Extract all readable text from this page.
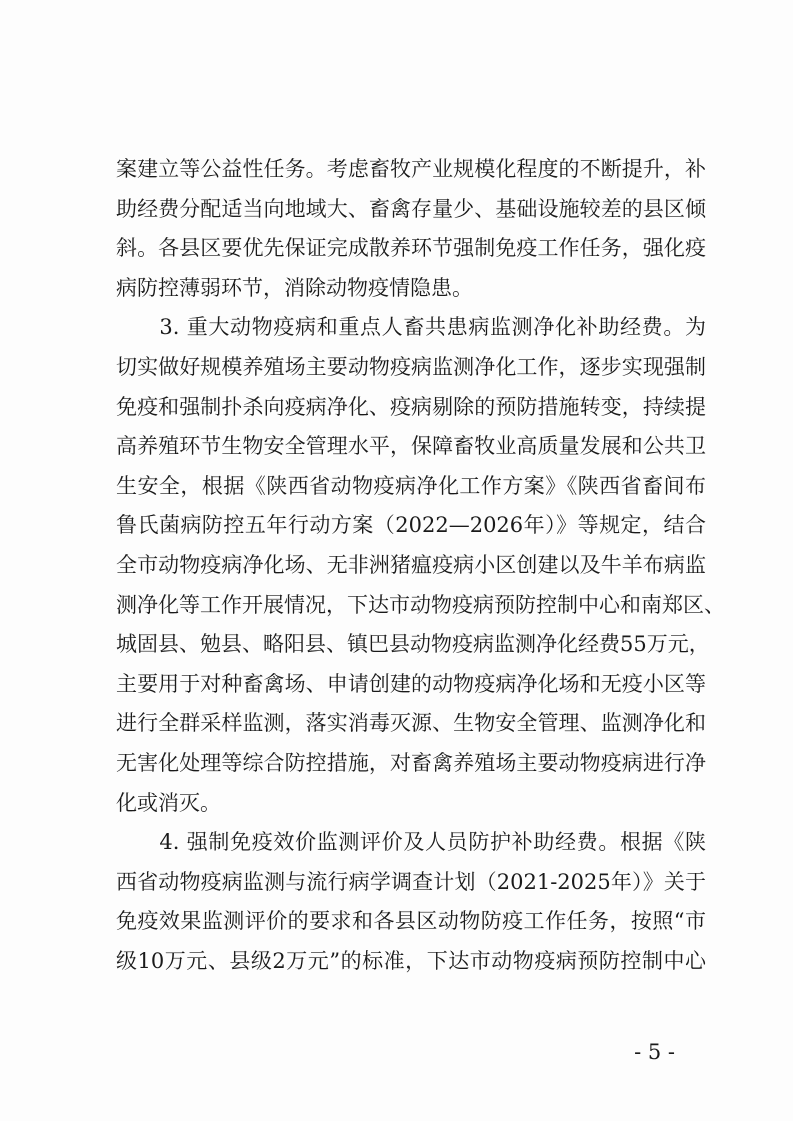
案建立等公益性任务。考虑畜牧产业规模化程度的不断提升，补
助经费分配适当向地域大、畜禽存量少、基础设施较差的县区倾
斜。各县区要优先保证完成散养环节强制免疫工作任务，强化疫
病防控薄弱环节，消除动物疫情隐患。
　　3. 重大动物疫病和重点人畜共患病监测净化补助经费。为
切实做好规模养殖场主要动物疫病监测净化工作，逐步实现强制
免疫和强制扑杀向疫病净化、疫病剔除的预防措施转变，持续提
高养殖环节生物安全管理水平，保障畜牧业高质量发展和公共卫
生安全，根据《陕西省动物疫病净化工作方案》《陕西省畜间布
鲁氏菌病防控五年行动方案（2022—2026年）》等规定，结合
全市动物疫病净化场、无非洲猪瘟疫病小区创建以及牛羊布病监
测净化等工作开展情况，下达市动物疫病预防控制中心和南郑区、
城固县、勉县、略阳县、镇巴县动物疫病监测净化经费55万元，
主要用于对种畜禽场、申请创建的动物疫病净化场和无疫小区等
进行全群采样监测，落实消毒灭源、生物安全管理、监测净化和
无害化处理等综合防控措施，对畜禽养殖场主要动物疫病进行净
化或消灭。
　　4. 强制免疫效价监测评价及人员防护补助经费。根据《陕
西省动物疫病监测与流行病学调查计划（2021-2025年）》关于
免疫效果监测评价的要求和各县区动物防疫工作任务，按照“市
级10万元、县级2万元”的标准，下达市动物疫病预防控制中心
- 5 -
